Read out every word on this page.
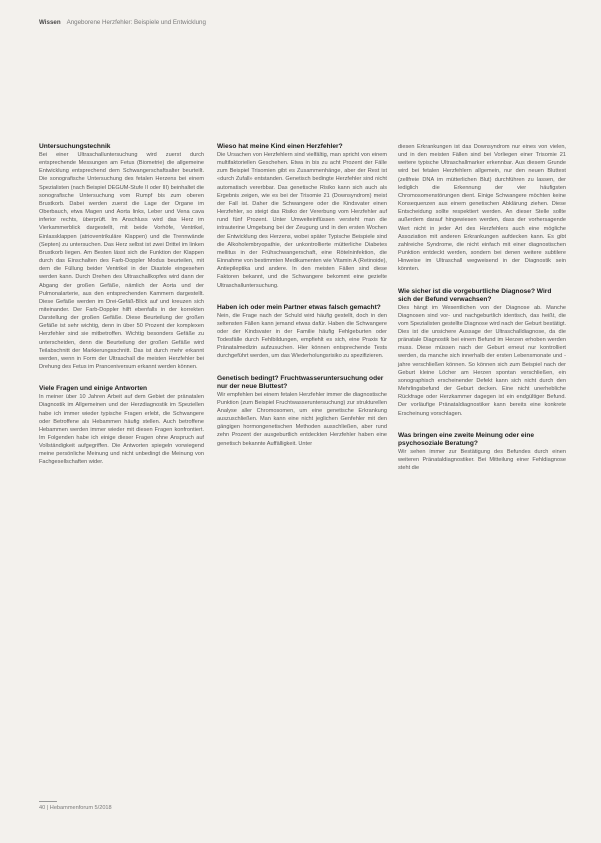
Wissen Angeborene Herzfehler: Beispiele und Entwicklung
Untersuchungstechnik

Bei einer Ultraschalluntersuchung wird zuerst durch entsprechende Messungen am Fetus (Biometrie) die allgemeine Entwicklung entsprechend dem Schwangerschaftsalter beurteilt. Die sonografische Untersuchung des fetalen Herzens bei einem Spezialisten (nach Beispiel DEGUM-Stufe II oder III) beinhaltet die sonografische Untersuchung vom Rumpf bis zum oberen Brustkorb. Dabei werden zuerst die Lage der Organe im Oberbauch, etwa Magen und Aorta links, Leber und Vena cava inferior rechts, überprüft. Im Anschluss wird das Herz im Vierkammerblick dargestellt, mit beide Vorhöfe, Ventrikel, Einlassklappen (atrioventrikuläre Klappen) und die Trennwände (Septen) zu untersuchen. Das Herz selbst ist zwei Drittel im linken Brustkorb liegen. Am Besten lässt sich die Funktion der Klappen durch das Einschalten des Farb-Doppler Modus beurteilen, mit dem die Füllung beider Ventrikel in der Diastole eingesehen werden kann. Durch Drehen des Ultraschallkopfes wird dann der Abgang der großen Gefäße, nämlich der Aorta und der Pulmonalarterie, aus den entsprechenden Kammern dargestellt. Diese Gefäße werden im Drei-Gefäß-Blick auf und kreuzen sich miteinander. Der Farb-Doppler hilft ebenfalls in der korrekten Darstellung der großen Gefäße. Diese Beurteilung der großen Gefäße ist sehr wichtig, denn in über 50 Prozent der komplexen Herzfehler sind sie mitbetroffen. Wichtig besonders Gefäße zu unterscheiden, denn die Beurteilung der großen Gefäße wird Teilabschnitt der Markierungsschnitt. Das ist durch mehr erkannt werden, wenn in Form der Ultraschall die meisten Herzfehler bei Drehung des Fetus im Pranceniversum erkannt werden können.

Viele Fragen und einige Antworten

In meiner über 10 Jahren Arbeit auf dem Gebiet der pränatalen Diagnostik im Allgemeinen und der Herzdiagnostik im Speziellen habe ich immer wieder typische Fragen erlebt, die Schwangere oder Betroffene als Hebammen häufig stellen. Auch betroffene Hebammen werden immer wieder mit diesen Fragen konfrontiert. Im Folgenden habe ich einige dieser Fragen ohne Anspruch auf Vollständigkeit aufgegriffen. Die Antworten spiegeln vorwiegend meine persönliche Meinung und nicht unbedingt die Meinung von Fachgesellschaften wider.

Wieso hat meine Kind einen Herzfehler?

Die Ursachen von Herzfehlern sind vielfältig, man spricht von einem multifaktoriellen Geschehen. Etwa in bis zu acht Prozent der Fälle zum Beispiel Trisomien gibt es Zusammenhänge, aber der Rest ist «durch Zufall» entstanden. Genetisch bedingte Herzfehler sind nicht automatisch vererbbar. Das genetische Risiko kann sich auch als Ergebnis zeigen, wie es bei der Trisomie 21 (Downsyndrom) meist der Fall ist. Daher die Schwangere oder die Kindsvater einen Herzfehler, so steigt das Risiko der Vererbung vom Herzfehler auf rund fünf Prozent. Unter Umwelteinflüssen versteht man die intrauterine Umgebung bei der Zeugung und in den ersten Wochen der Entwicklung des Herzens, wobei später Typische Beispiele sind die Alkoholembryopathie, der unkontrollierte mütterliche Diabetes mellitus in der Frühschwangerschaft, eine Rötelninfektion, die Einnahme von bestimmten Medikamenten wie Vitamin A (Retinoide), Antiepileptika und andere. In den meisten Fällen sind diese Faktoren bekannt, und die Schwangere bekommt eine gezielte Ultraschalluntersuchung.

Haben ich oder mein Partner etwas falsch gemacht?

Nein, die Frage nach der Schuld wird häufig gestellt, doch in den seltensten Fällen kann jemand etwas dafür. Haben die Schwangere oder der Kindsvater in der Familie häufig Fehlgeburten oder Todesfälle durch Fehlbildungen, empfiehlt es sich, eine Praxis für Pränatalmedizin aufzusuchen. Hier können entsprechende Tests durchgeführt werden, um das Wiederholungsrisiko zu spezifizieren.

Genetisch bedingt? Fruchtwasseruntersuchung oder nur der neue Bluttest?

Wir empfehlen bei einem fetalen Herzfehler immer die diagnostische Punktion (zum Beispiel Fruchtwasseruntersuchung) zur strukturellen Analyse aller Chromosomen, um eine genetische Erkrankung auszuschließen. Man kann eine nicht jeglichen Genfehler mit den gängigen hormongenetischen Methoden ausschließen, aber rund zehn Prozent der ausgeburtlich entdeckten Herzfehler haben eine genetisch bekannte Auffälligkeit. Unter

diesen Erkrankungen ist das Downsyndrom nur eines von vielen, und in den meisten Fällen sind bei Vorliegen einer Trisomie 21 weitere typische Ultraschallmarker erkennbar. Aus diesem Grunde wird bei fetalen Herzfehlern allgemein, nur den neuen Bluttest (zellfreie DNA im mütterlichen Blut) durchführen zu lassen, der lediglich die Erkennung der vier häufigsten Chromosomenstörungen dient. Einige Schwangere möchten keine Konsequenzen aus einem genetischen Abklärung ziehen. Diese Entscheidung sollte respektiert werden. An dieser Stelle sollte außerdem darauf hingewiesen werden, dass der vorhersagende Wert nicht in jeder Art des Herzfehlers auch eine mögliche Assoziation mit anderen Erkrankungen aufdecken kann. Es gibt zahlreiche Syndrome, die nicht einfach mit einer diagnostischen Punktion entdeckt werden, sondern bei denen weitere subtilere Hinweise im Ultraschall wegweisend in der Diagnostik sein könnten.

Wie sicher ist die vorgeburtliche Diagnose? Wird sich der Befund verwachsen?

Dies hängt im Wesentlichen von der Diagnose ab. Manche Diagnosen sind vor- und nachgeburtlich identisch, das heißt, die vom Spezialisten gestellte Diagnose wird nach der Geburt bestätigt. Dies ist die unsichere Aussage der Ultraschalldiagnose, da die pränatale Diagnostik bei einem Befund im Herzen erhoben werden muss. Diese müssen nach der Geburt erneut nur kontrolliert werden, da manche sich innerhalb der ersten Lebensmonate und -jahre verschließen können. So können sich zum Beispiel nach der Geburt kleine Löcher am Herzen spontan verschließen, ein sonographisch erscheinender Defekt kann sich nicht durch den Mehrlingsbefund der Geburt decken. Eine nicht unerhebliche Rückfrage oder Herzkammer dagegen ist ein endgültiger Befund. Der vorläufige Pränataldiagnostiker kann bereits eine konkrete Erscheinung vorschlagen.

Was bringen eine zweite Meinung oder eine psychosoziale Beratung?

Wir sehen immer zur Bestätigung des Befundes durch einen weiteren Pränataldiagnostiker. Bei Mitteilung einer Fehldiagnose steht die

40 | Hebammenforum 5/2018
